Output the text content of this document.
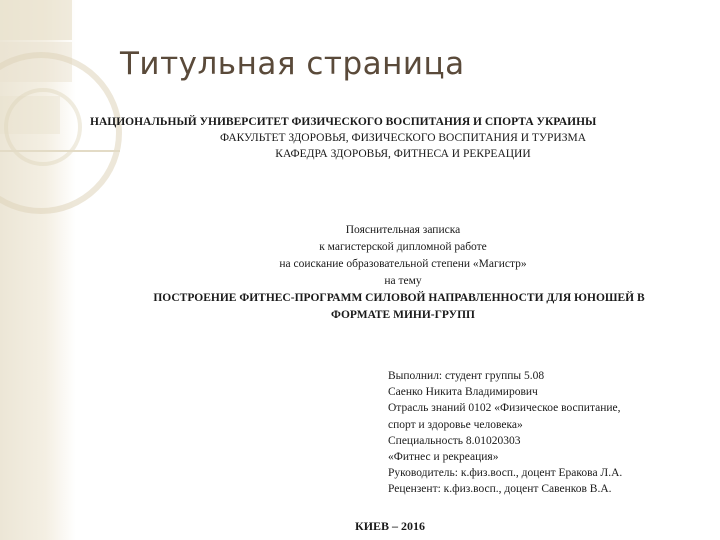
Титульная страница
НАЦИОНАЛЬНЫЙ УНИВЕРСИТЕТ ФИЗИЧЕСКОГО ВОСПИТАНИЯ И СПОРТА УКРАИНЫ
ФАКУЛЬТЕТ ЗДОРОВЬЯ, ФИЗИЧЕСКОГО ВОСПИТАНИЯ И ТУРИЗМА
КАФЕДРА ЗДОРОВЬЯ, ФИТНЕСА И РЕКРЕАЦИИ
Пояснительная записка
к магистерской дипломной работе
на соискание образовательной степени «Магистр»
на тему
ПОСТРОЕНИЕ ФИТНЕС-ПРОГРАММ СИЛОВОЙ НАПРАВЛЕННОСТИ ДЛЯ ЮНОШЕЙ В
ФОРМАТЕ МИНИ-ГРУПП
Выполнил: студент группы 5.08
Саенко Никита Владимирович
Отрасль знаний 0102 «Физическое воспитание,
спорт и здоровье человека»
Специальность 8.01020303
«Фитнес и рекреация»
Руководитель: к.физ.восп., доцент Еракова Л.А.
Рецензент: к.физ.восп., доцент Савенков В.А.
КИЕВ – 2016
